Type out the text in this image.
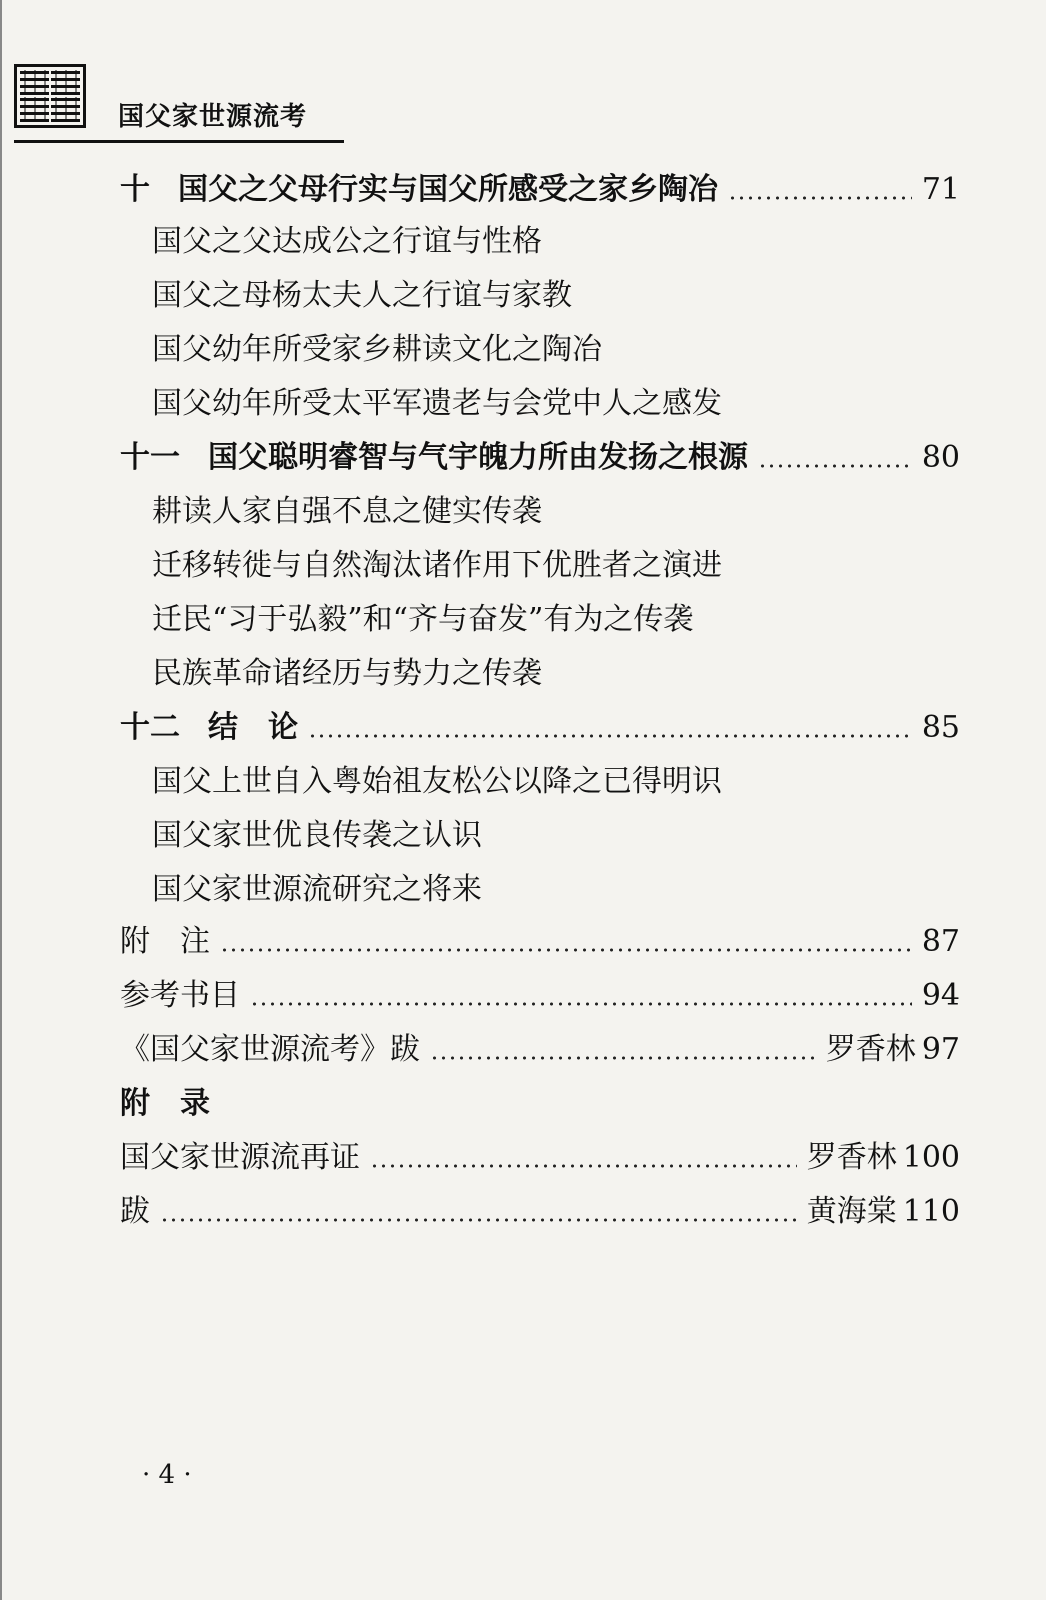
国父家世源流考
十 国父之父母行实与国父所感受之家乡陶冶	71
国父之父达成公之行谊与性格
国父之母杨太夫人之行谊与家教
国父幼年所受家乡耕读文化之陶冶
国父幼年所受太平军遗老与会党中人之感发
十一 国父聪明睿智与气宇魄力所由发扬之根源	80
耕读人家自强不息之健实传袭
迁移转徙与自然淘汰诸作用下优胜者之演进
迁民“习于弘毅”和“齐与奋发”有为之传袭
民族革命诸经历与势力之传袭
十二 结　论	85
国父上世自入粤始祖友松公以降之已得明识
国父家世优良传袭之认识
国父家世源流研究之将来
附　注	87
参考书目	94
《国父家世源流考》跋	罗香林 97
附　录
国父家世源流再证	罗香林 100
跋	黄海棠 110
· 4 ·
